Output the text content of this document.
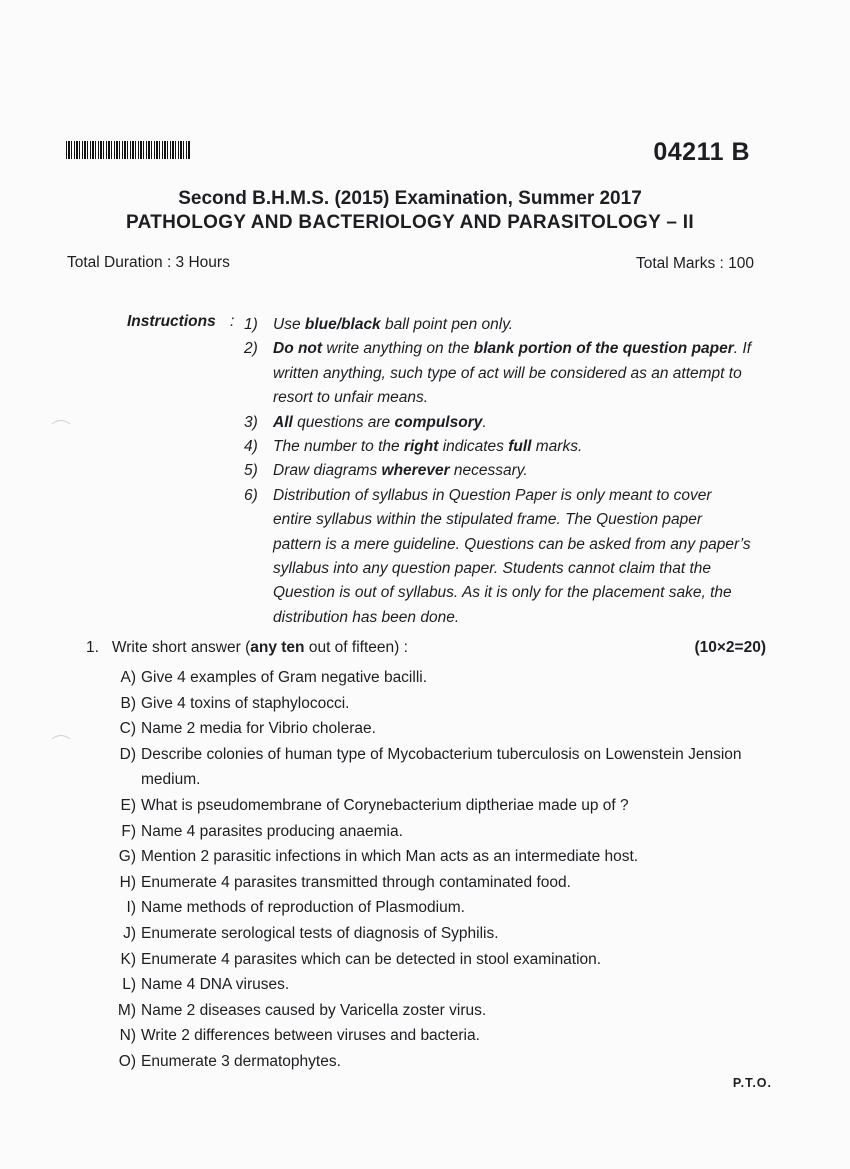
04211 B
Second B.H.M.S. (2015) Examination, Summer 2017
PATHOLOGY AND BACTERIOLOGY AND PARASITOLOGY – II
Total Duration : 3 Hours	Total Marks : 100
Instructions : 1) Use blue/black ball point pen only.
2) Do not write anything on the blank portion of the question paper. If written anything, such type of act will be considered as an attempt to resort to unfair means.
3) All questions are compulsory.
4) The number to the right indicates full marks.
5) Draw diagrams wherever necessary.
6) Distribution of syllabus in Question Paper is only meant to cover entire syllabus within the stipulated frame. The Question paper pattern is a mere guideline. Questions can be asked from any paper’s syllabus into any question paper. Students cannot claim that the Question is out of syllabus. As it is only for the placement sake, the distribution has been done.
1. Write short answer (any ten out of fifteen) :	(10×2=20)
A) Give 4 examples of Gram negative bacilli.
B) Give 4 toxins of staphylococci.
C) Name 2 media for Vibrio cholerae.
D) Describe colonies of human type of Mycobacterium tuberculosis on Lowenstein Jension medium.
E) What is pseudomembrane of Corynebacterium diptheriae made up of ?
F) Name 4 parasites producing anaemia.
G) Mention 2 parasitic infections in which Man acts as an intermediate host.
H) Enumerate 4 parasites transmitted through contaminated food.
I) Name methods of reproduction of Plasmodium.
J) Enumerate serological tests of diagnosis of Syphilis.
K) Enumerate 4 parasites which can be detected in stool examination.
L) Name 4 DNA viruses.
M) Name 2 diseases caused by Varicella zoster virus.
N) Write 2 differences between viruses and bacteria.
O) Enumerate 3 dermatophytes.
P.T.O.
